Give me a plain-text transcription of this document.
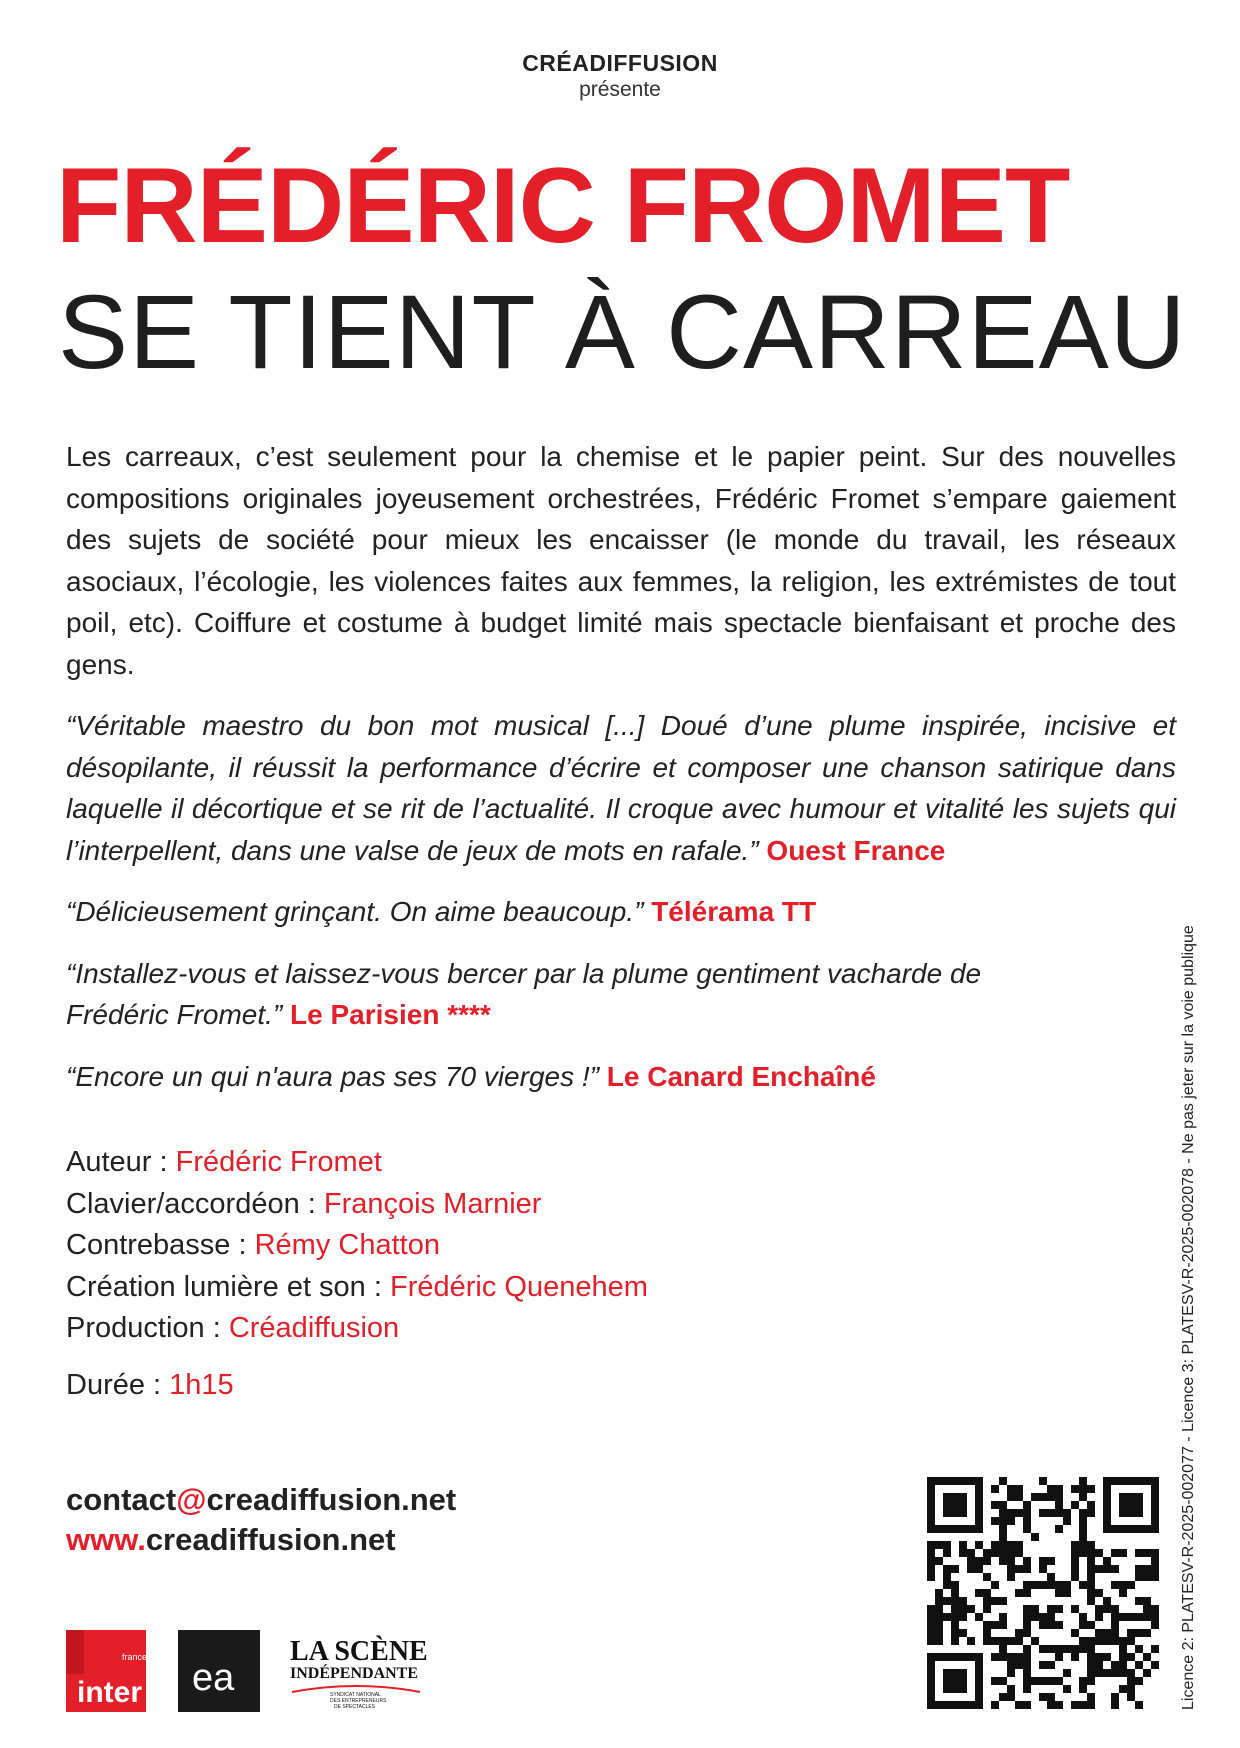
CRÉADIFFUSION
présente
FRÉDÉRIC FROMET
SE TIENT À CARREAU

Les carreaux, c’est seulement pour la chemise et le papier peint. Sur des nouvelles compositions originales joyeusement orchestrées, Frédéric Fromet s’empare gaiement des sujets de société pour mieux les encaisser (le monde du travail, les réseaux asociaux, l’écologie, les violences faites aux femmes, la religion, les extrémistes de tout poil, etc). Coiffure et costume à budget limité mais spectacle bienfaisant et proche des gens.

“Véritable maestro du bon mot musical [...] Doué d’une plume inspirée, incisive et désopilante, il réussit la performance d’écrire et composer une chanson satirique dans laquelle il décortique et se rit de l’actualité. Il croque avec humour et vitalité les sujets qui l’interpellent, dans une valse de jeux de mots en rafale.” Ouest France

“Délicieusement grinçant. On aime beaucoup.” Télérama TT

“Installez-vous et laissez-vous bercer par la plume gentiment vacharde de Frédéric Fromet.” Le Parisien ****

“Encore un qui n'aura pas ses 70 vierges !” Le Canard Enchaîné

Auteur : Frédéric Fromet
Clavier/accordéon : François Marnier
Contrebasse : Rémy Chatton
Création lumière et son : Frédéric Quenehem
Production : Créadiffusion
Durée : 1h15
contact@creadiffusion.net
www.creadiffusion.net
france
inter ea
LA SCÈNE
INDÉPENDANTE
SYNDICAT NATIONAL
DES ENTREPRENEURS
DE SPECTACLES	Licence 2: PLATESV-R-2025-002077 - Licence 3: PLATESV-R-2025-002078 - Ne pas jeter sur la voie publique
